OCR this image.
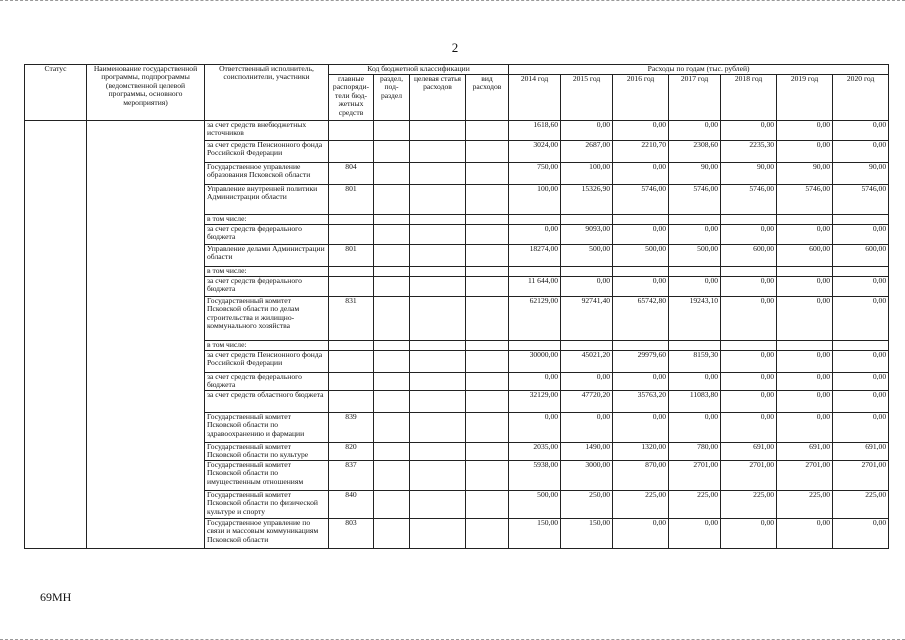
2
Статус	Наименование государственной программы, подпрограммы (ведомственной целевой программы, основного мероприятия)	Ответственный исполнитель, соисполнители, участники	Код бюджетной классификации				Расходы по годам (тыс. рублей)						
			главные распоряди-тели бюд-жетных средств	раздел, под-раздел	целевая статья расходов	вид расходов	2014 год	2015 год	2016 год	2017 год	2018 год	2019 год	2020 год
		за счет средств внебюджетных источников					1618,60	0,00	0,00	0,00	0,00	0,00	0,00
		за счет средств Пенсионного фонда Российской Федерации					3024,00	2687,00	2210,70	2308,60	2235,30	0,00	0,00
		Государственное управление образования Псковской области	804				750,00	100,00	0,00	90,00	90,00	90,00	90,00
		Управление внутренней политики Администрации области	801				100,00	15326,90	5746,00	5746,00	5746,00	5746,00	5746,00
		в том числе:											
		за счет средств федерального бюджета					0,00	9093,00	0,00	0,00	0,00	0,00	0,00
		Управление делами Администрации области	801				18274,00	500,00	500,00	500,00	600,00	600,00	600,00
		в том числе:											
		за счет средств федерального бюджета					11 644,00	0,00	0,00	0,00	0,00	0,00	0,00
		Государственный комитет Псковской области по делам строительства и жилищно-коммунального хозяйства	831				62129,00	92741,40	65742,80	19243,10	0,00	0,00	0,00
		в том числе:											
		за счет средств Пенсионного фонда Российской Федерации					30000,00	45021,20	29979,60	8159,30	0,00	0,00	0,00
		за счет средств федерального бюджета					0,00	0,00	0,00	0,00	0,00	0,00	0,00
		за счет средств областного бюджета					32129,00	47720,20	35763,20	11083,80	0,00	0,00	0,00
		Государственный комитет Псковской области по здравоохранению и фармации	839				0,00	0,00	0,00	0,00	0,00	0,00	0,00
		Государственный комитет Псковской области по культуре	820				2035,00	1490,00	1320,00	780,00	691,00	691,00	691,00
		Государственный комитет Псковской области по имущественным отношениям	837				5938,00	3000,00	870,00	2701,00	2701,00	2701,00	2701,00
		Государственный комитет Псковской области по физической культуре и спорту	840				500,00	250,00	225,00	225,00	225,00	225,00	225,00
		Государственное управление по связи и массовым коммуникациям Псковской области	803				150,00	150,00	0,00	0,00	0,00	0,00	0,00
69МН
